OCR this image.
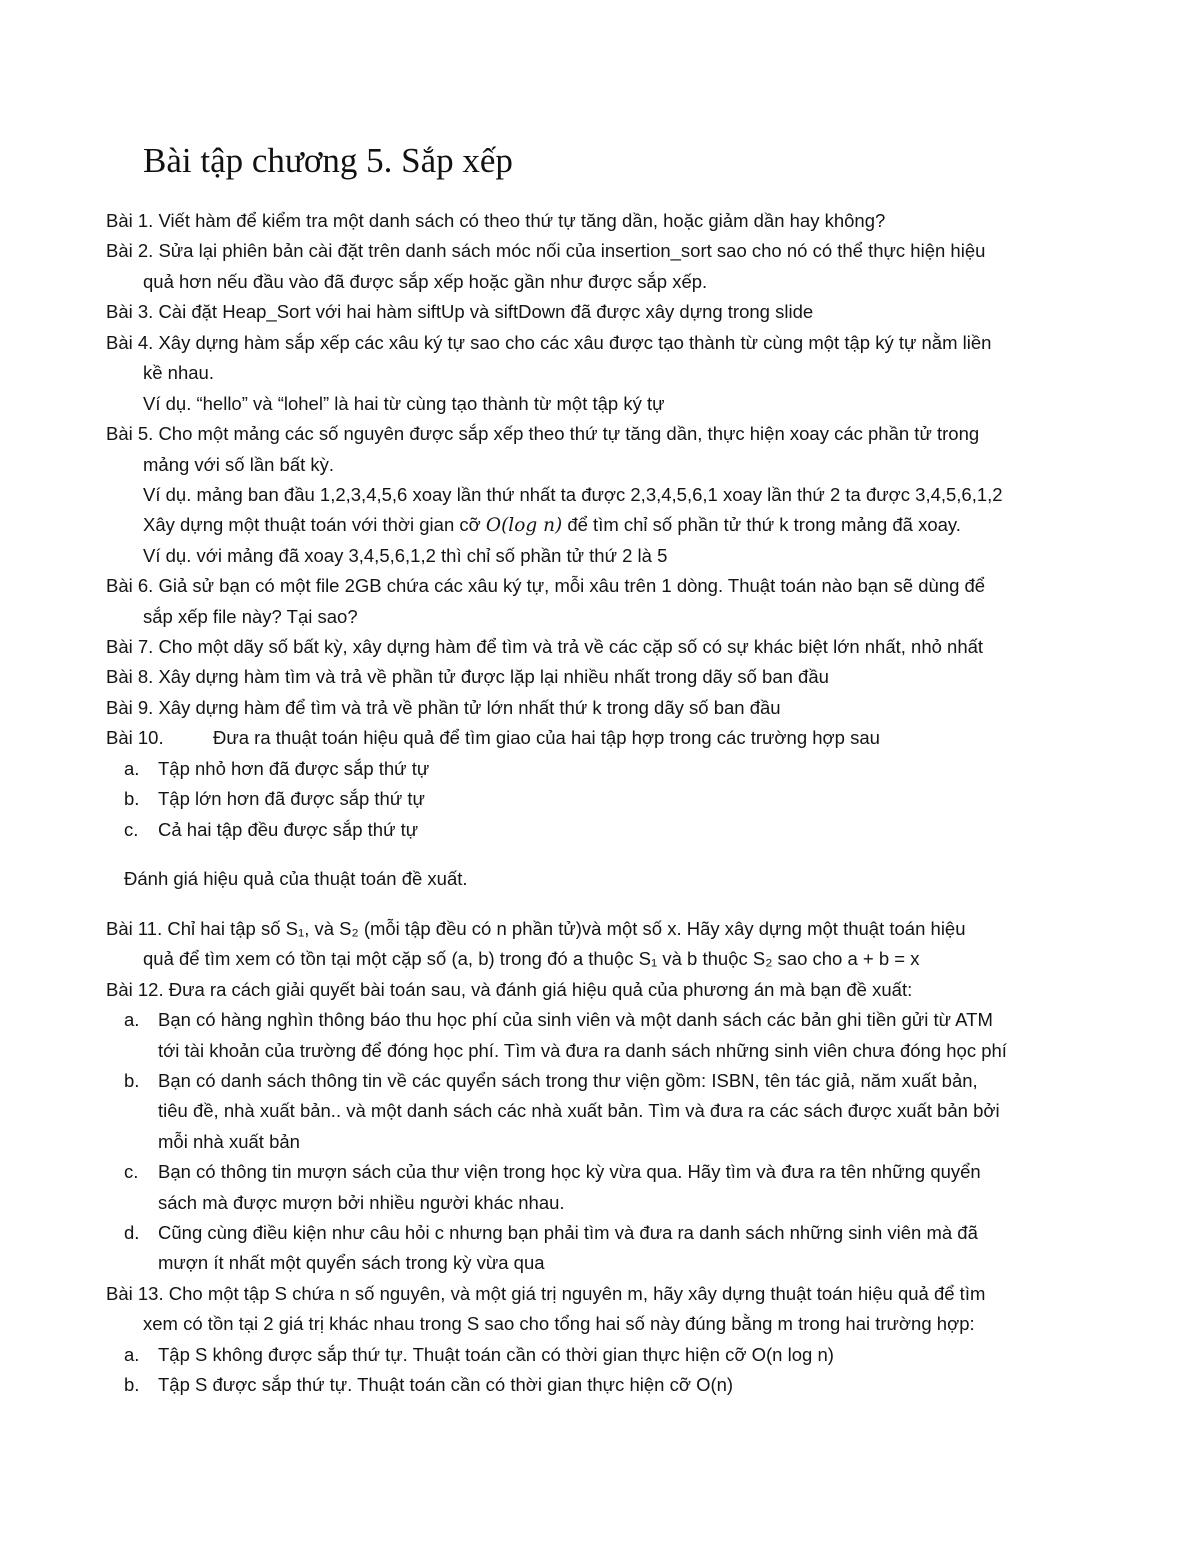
Bài tập chương 5. Sắp xếp
Bài 1. Viết hàm để kiểm tra một danh sách có theo thứ tự tăng dần, hoặc giảm dần hay không?
Bài 2. Sửa lại phiên bản cài đặt trên danh sách móc nối của insertion_sort sao cho nó có thể thực hiện hiệu
quả hơn nếu đầu vào đã được sắp xếp hoặc gần như được sắp xếp.
Bài 3. Cài đặt Heap_Sort với hai hàm siftUp và siftDown đã được xây dựng trong slide
Bài 4. Xây dựng hàm sắp xếp các xâu ký tự sao cho các xâu được tạo thành từ cùng một tập ký tự nằm liền
kề nhau.
Ví dụ. “hello” và “lohel” là hai từ cùng tạo thành từ một tập ký tự
Bài 5. Cho một mảng các số nguyên được sắp xếp theo thứ tự tăng dần, thực hiện xoay các phần tử trong
mảng với số lần bất kỳ.
Ví dụ. mảng ban đầu 1,2,3,4,5,6 xoay lần thứ nhất ta được 2,3,4,5,6,1 xoay lần thứ 2 ta được 3,4,5,6,1,2
Xây dựng một thuật toán với thời gian cỡ O(log n) để tìm chỉ số phần tử thứ k trong mảng đã xoay.
Ví dụ. với mảng đã xoay 3,4,5,6,1,2 thì chỉ số phần tử thứ 2 là 5
Bài 6. Giả sử bạn có một file 2GB chứa các xâu ký tự, mỗi xâu trên 1 dòng. Thuật toán nào bạn sẽ dùng để
sắp xếp file này? Tại sao?
Bài 7. Cho một dãy số bất kỳ, xây dựng hàm để tìm và trả về các cặp số có sự khác biệt lớn nhất, nhỏ nhất
Bài 8. Xây dựng hàm tìm và trả về phần tử được lặp lại nhiều nhất trong dãy số ban đầu
Bài 9. Xây dựng hàm để tìm và trả về phần tử lớn nhất thứ k trong dãy số ban đầu
Bài 10.	Đưa ra thuật toán hiệu quả để tìm giao của hai tập hợp trong các trường hợp sau
a. Tập nhỏ hơn đã được sắp thứ tự
b. Tập lớn hơn đã được sắp thứ tự
c. Cả hai tập đều được sắp thứ tự
Đánh giá hiệu quả của thuật toán đề xuất.
Bài 11. Chỉ hai tập số S₁, và S₂ (mỗi tập đều có n phần tử)và một số x. Hãy xây dựng một thuật toán hiệu
quả để tìm xem có tồn tại một cặp số (a, b) trong đó a thuộc S₁ và b thuộc S₂ sao cho a + b = x
Bài 12. Đưa ra cách giải quyết bài toán sau, và đánh giá hiệu quả của phương án mà bạn đề xuất:
a. Bạn có hàng nghìn thông báo thu học phí của sinh viên và một danh sách các bản ghi tiền gửi từ ATM
tới tài khoản của trường để đóng học phí. Tìm và đưa ra danh sách những sinh viên chưa đóng học phí
b. Bạn có danh sách thông tin về các quyển sách trong thư viện gồm: ISBN, tên tác giả, năm xuất bản,
tiêu đề, nhà xuất bản.. và một danh sách các nhà xuất bản. Tìm và đưa ra các sách được xuất bản bởi
mỗi nhà xuất bản
c. Bạn có thông tin mượn sách của thư viện trong học kỳ vừa qua. Hãy tìm và đưa ra tên những quyển
sách mà được mượn bởi nhiều người khác nhau.
d. Cũng cùng điều kiện như câu hỏi c nhưng bạn phải tìm và đưa ra danh sách những sinh viên mà đã
mượn ít nhất một quyển sách trong kỳ vừa qua
Bài 13. Cho một tập S chứa n số nguyên, và một giá trị nguyên m, hãy xây dựng thuật toán hiệu quả để tìm
xem có tồn tại 2 giá trị khác nhau trong S sao cho tổng hai số này đúng bằng m trong hai trường hợp:
a. Tập S không được sắp thứ tự. Thuật toán cần có thời gian thực hiện cỡ O(n log n)
b. Tập S được sắp thứ tự. Thuật toán cần có thời gian thực hiện cỡ O(n)
